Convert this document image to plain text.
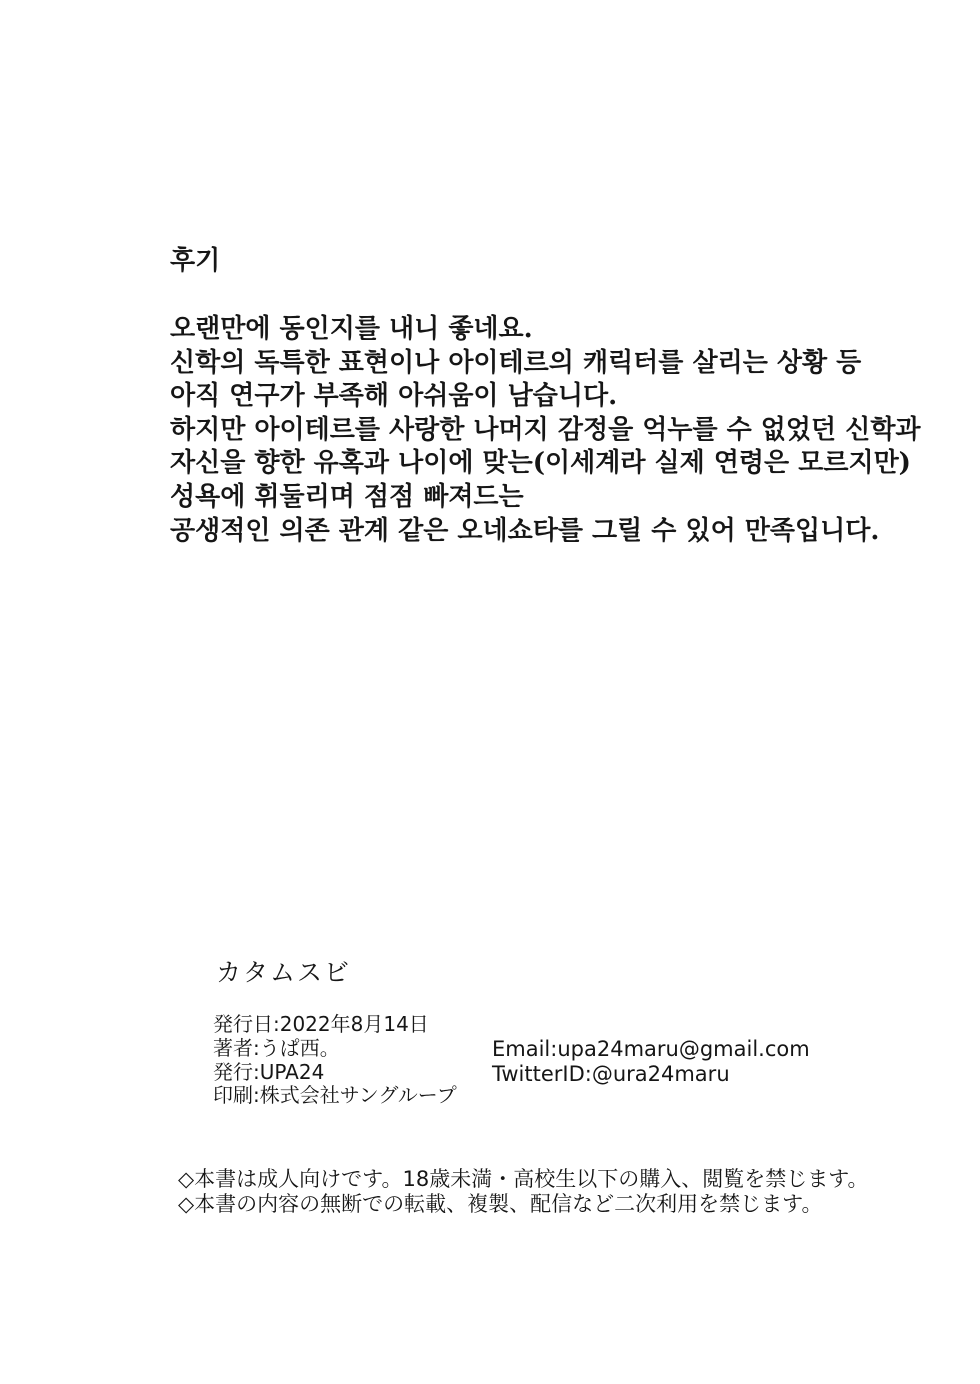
후기
오랜만에 동인지를 내니 좋네요.
신학의 독특한 표현이나 아이테르의 캐릭터를 살리는 상황 등
아직 연구가 부족해 아쉬움이 남습니다.
하지만 아이테르를 사랑한 나머지 감정을 억누를 수 없었던 신학과
자신을 향한 유혹과 나이에 맞는(이세계라 실제 연령은 모르지만)
성욕에 휘둘리며 점점 빠져드는
공생적인 의존 관계 같은 오네쇼타를 그릴 수 있어 만족입니다.
カタムスビ
発行日:2022年8月14日
著者:うぱ西。
発行:UPA24
印刷:株式会社サングループ
Email:upa24maru@gmail.com
TwitterID:@ura24maru
◇本書は成人向けです。18歳未満・高校生以下の購入、閲覧を禁じます。
◇本書の内容の無断での転載、複製、配信など二次利用を禁じます。
